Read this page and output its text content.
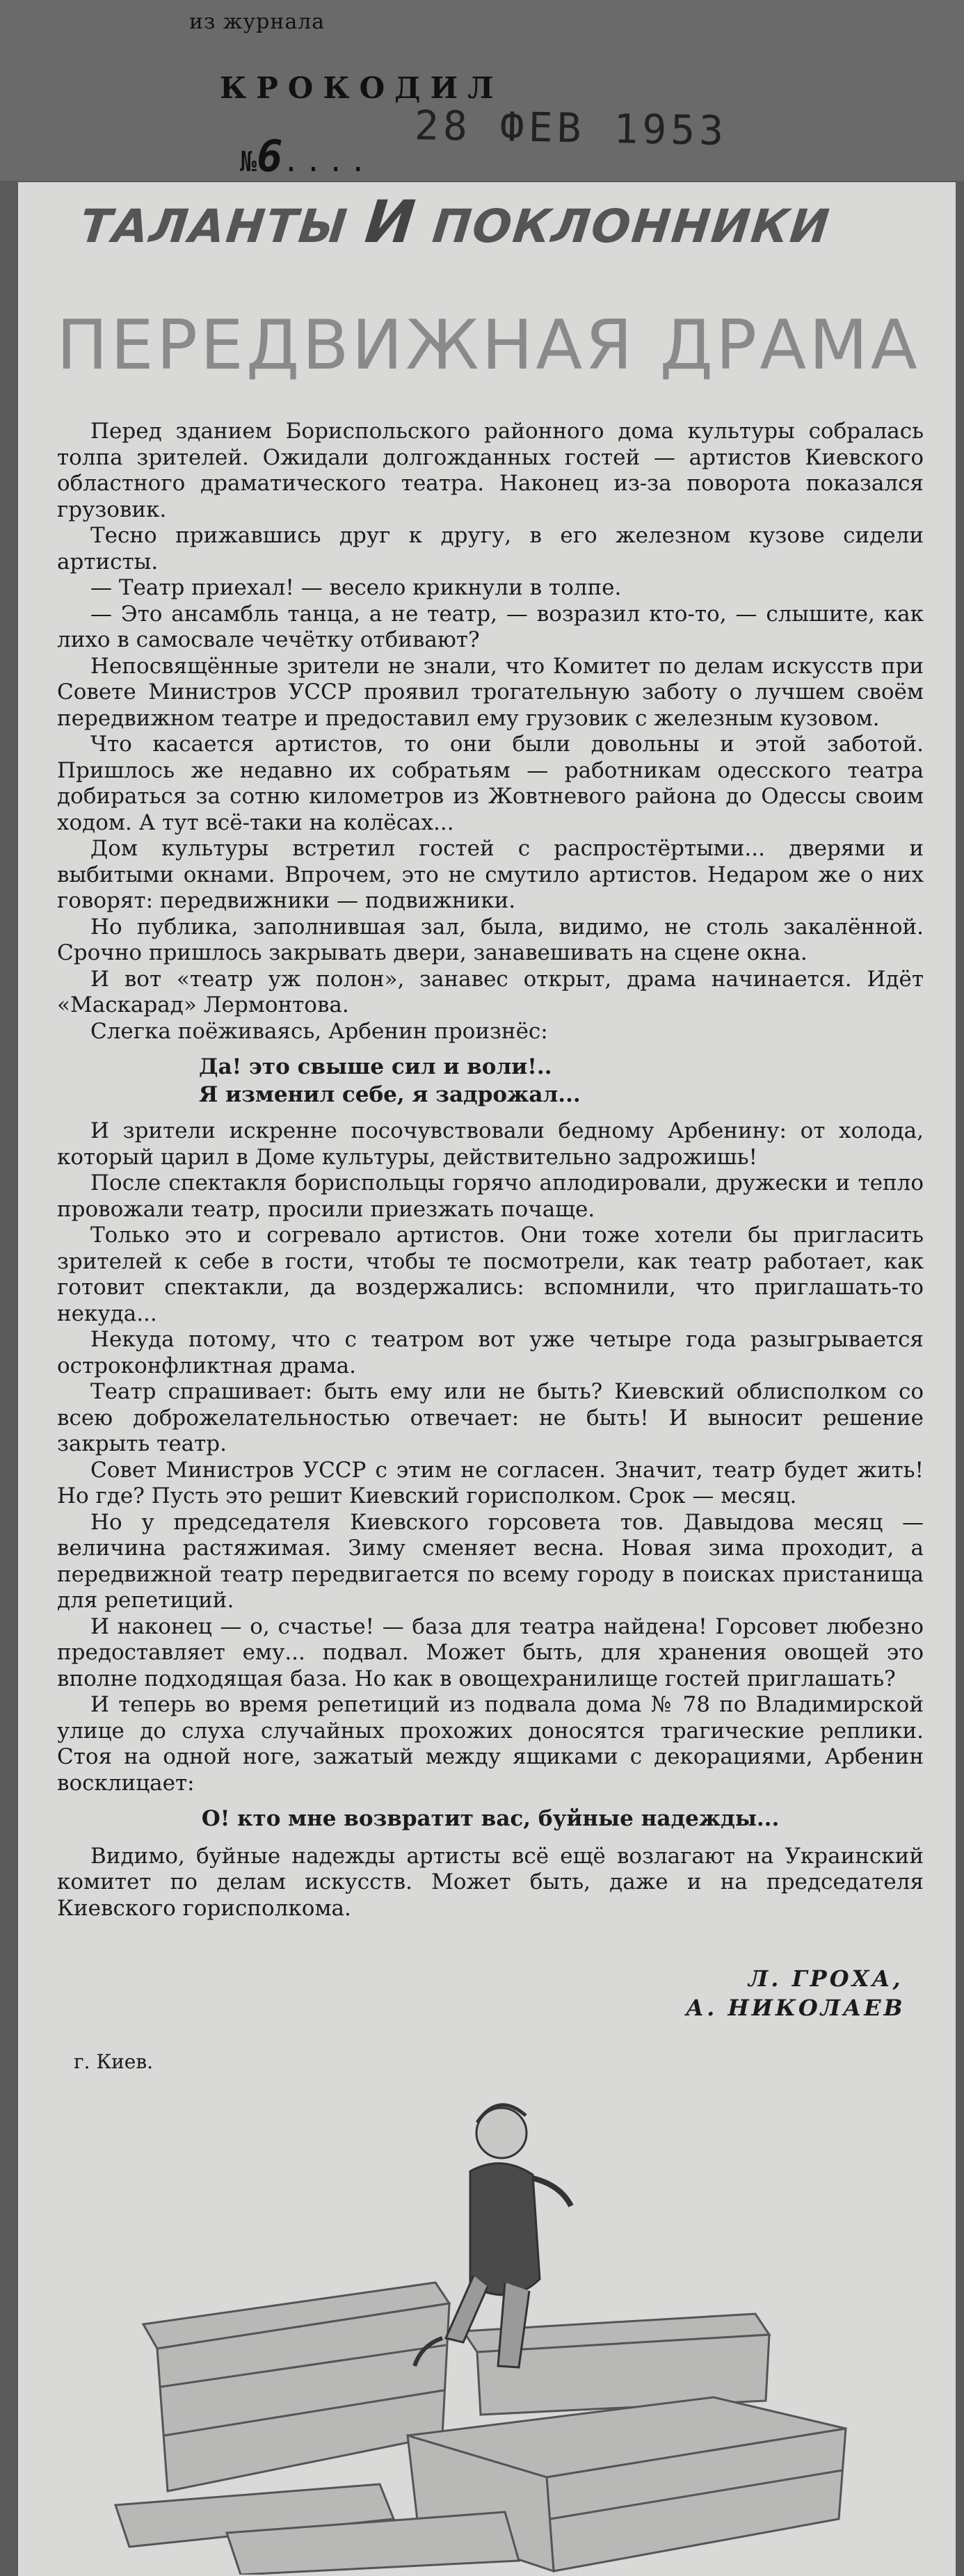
из журнала
КРОКОДИЛ
№6....
28 ФЕВ 1953
ТАЛАНТЫ И ПОКЛОННИКИ
ПЕРЕДВИЖНАЯ ДРАМА

Перед зданием Бориспольского районного дома культуры собралась толпа зрителей. Ожидали долгожданных гостей — артистов Киевского областного драматического театра. Наконец из-за поворота показался грузовик.

Тесно прижавшись друг к другу, в его железном кузове сидели артисты.

— Театр приехал! — весело крикнули в толпе.

— Это ансамбль танца, а не театр, — возразил кто-то, — слышите, как лихо в самосвале чечётку отбивают?

Непосвящённые зрители не знали, что Комитет по делам искусств при Совете Министров УССР проявил трогательную заботу о лучшем своём передвижном театре и предоставил ему грузовик с железным кузовом.

Что касается артистов, то они были довольны и этой заботой. Пришлось же недавно их собратьям — работникам одесского театра добираться за сотню километров из Жовтневого района до Одессы своим ходом. А тут всё-таки на колёсах...

Дом культуры встретил гостей с распростёртыми... дверями и выбитыми окнами. Впрочем, это не смутило артистов. Недаром же о них говорят: передвижники — подвижники.

Но публика, заполнившая зал, была, видимо, не столь закалённой. Срочно пришлось закрывать двери, занавешивать на сцене окна.

И вот «театр уж полон», занавес открыт, драма начинается. Идёт «Маскарад» Лермонтова.

Слегка поёживаясь, Арбенин произнёс:

Да! это свыше сил и воли!..
Я изменил себе, я задрожал...

И зрители искренне посочувствовали бедному Арбенину: от холода, который царил в Доме культуры, действительно задрожишь!

После спектакля бориспольцы горячо аплодировали, дружески и тепло провожали театр, просили приезжать почаще.

Только это и согревало артистов. Они тоже хотели бы пригласить зрителей к себе в гости, чтобы те посмотрели, как театр работает, как готовит спектакли, да воздержались: вспомнили, что приглашать-то некуда...

Некуда потому, что с театром вот уже четыре года разыгрывается остроконфликтная драма.

Театр спрашивает: быть ему или не быть? Киевский облисполком со всею доброжелательностью отвечает: не быть! И выносит решение закрыть театр.

Совет Министров УССР с этим не согласен. Значит, театр будет жить! Но где? Пусть это решит Киевский горисполком. Срок — месяц.

Но у председателя Киевского горсовета тов. Давыдова месяц — величина растяжимая. Зиму сменяет весна. Новая зима проходит, а передвижной театр передвигается по всему городу в поисках пристанища для репетиций.

И наконец — о, счастье! — база для театра найдена! Горсовет любезно предоставляет ему... подвал. Может быть, для хранения овощей это вполне подходящая база. Но как в овощехранилище гостей приглашать?

И теперь во время репетиций из подвала дома № 78 по Владимирской улице до слуха случайных прохожих доносятся трагические реплики. Стоя на одной ноге, зажатый между ящиками с декорациями, Арбенин восклицает:

О! кто мне возвратит вас, буйные надежды...

Видимо, буйные надежды артисты всё ещё возлагают на Украинский комитет по делам искусств. Может быть, даже и на председателя Киевского горисполкома.

Л. ГРОХА,
А. НИКОЛАЕВ
г. Киев.
